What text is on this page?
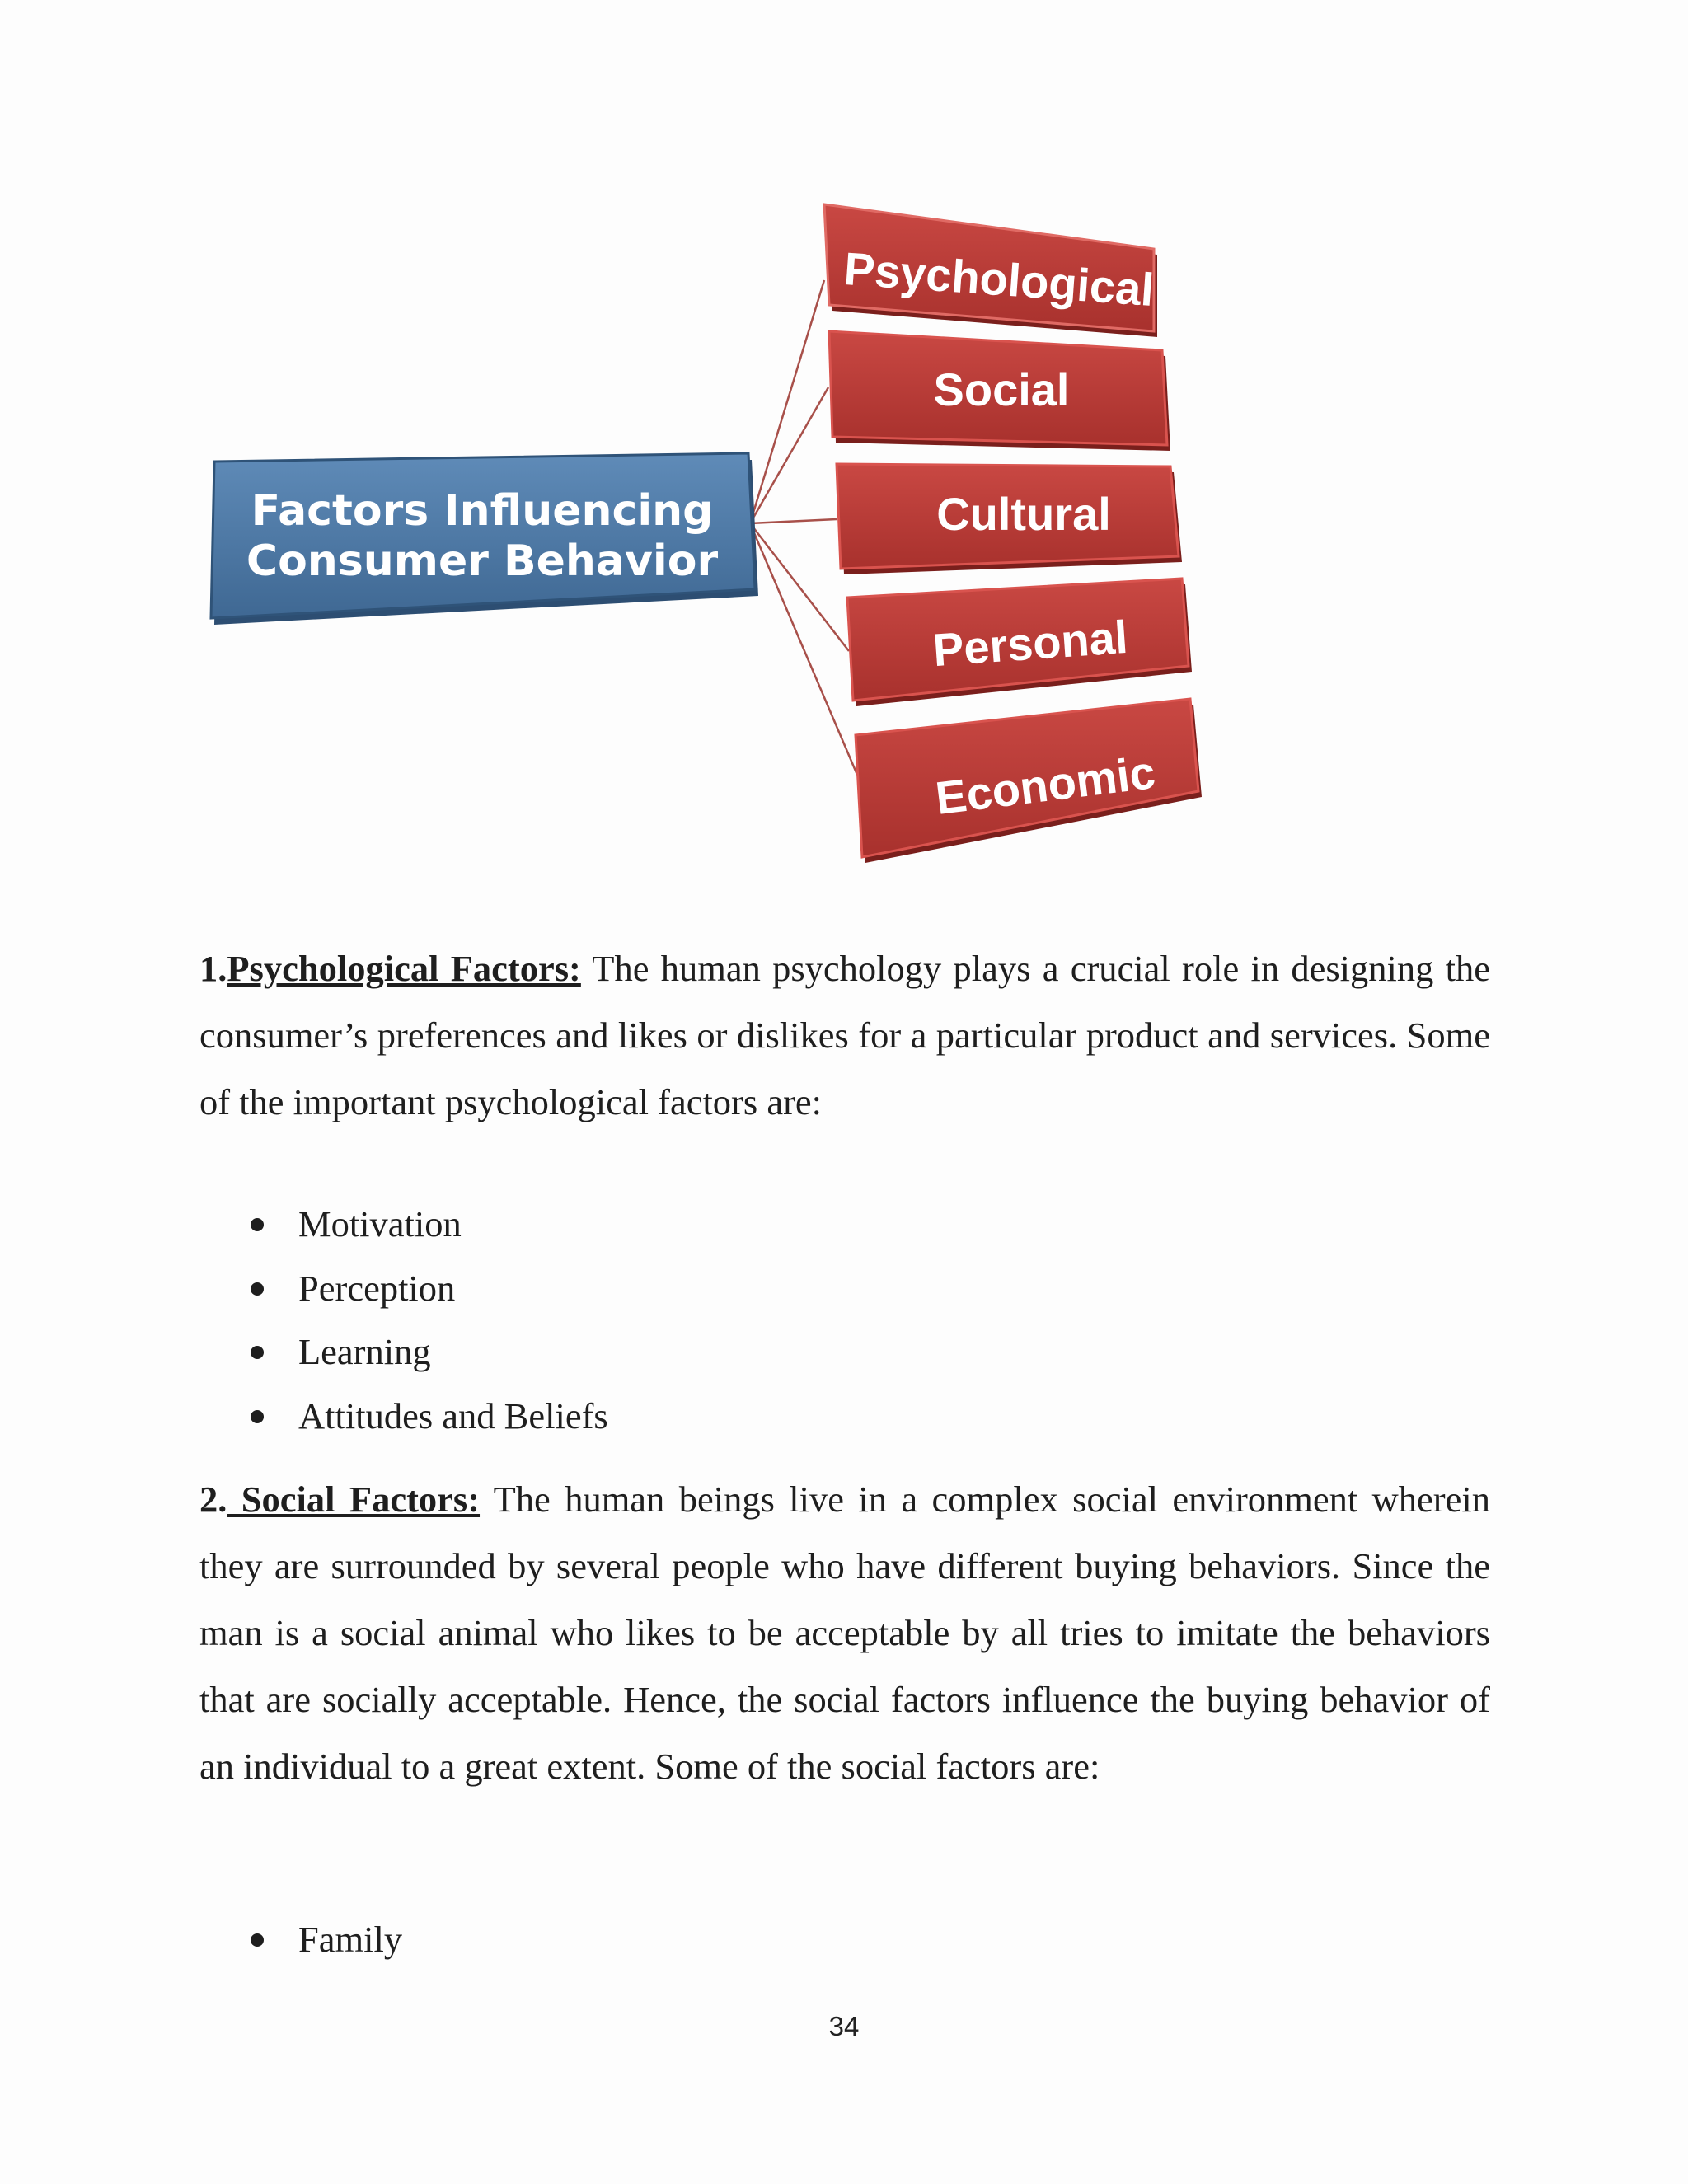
Factors Influencing
Consumer Behavior
Psychological
Social
Cultural
Personal
Economic
1.Psychological Factors: The human psychology plays a crucial role in designing the consumer’s preferences and likes or dislikes for a particular product and services. Some of the important psychological factors are:
Motivation
Perception
Learning
Attitudes and Beliefs
2. Social Factors: The human beings live in a complex social environment wherein they are surrounded by several people who have different buying behaviors. Since the man is a social animal who likes to be acceptable by all tries to imitate the behaviors that are socially acceptable. Hence, the social factors influence the buying behavior of an individual to a great extent. Some of the social factors are:
Family
34
